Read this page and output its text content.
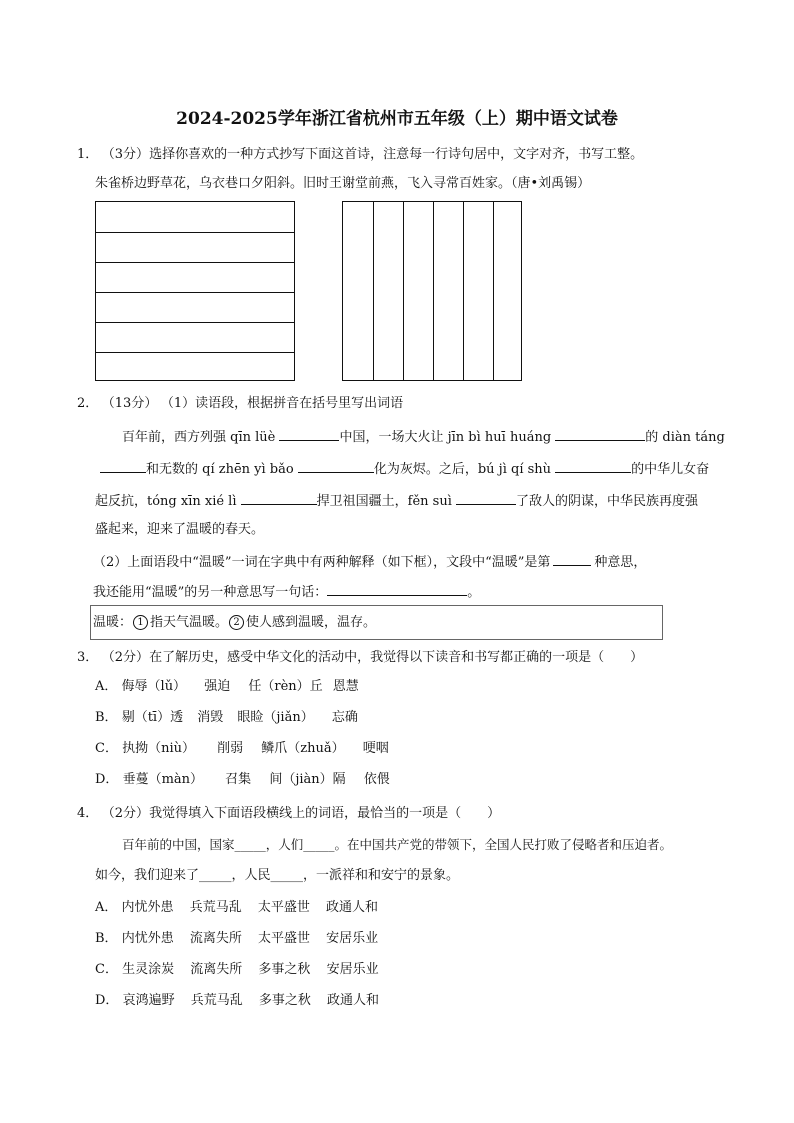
2024-2025学年浙江省杭州市五年级（上）期中语文试卷
1． （3分）选择你喜欢的一种方式抄写下面这首诗，注意每一行诗句居中，文字对齐，书写工整。
朱雀桥边野草花，乌衣巷口夕阳斜。旧时王谢堂前燕，飞入寻常百姓家。（唐•刘禹锡）
2． （13分） （1）读语段，根据拼音在括号里写出词语
百年前，西方列强 qīn lüè	中国，一场大火让 jīn bì huī huáng	的 diàn táng
和无数的 qí zhēn yì bǎo	化为灰烬。之后，bú jì qí shù	的中华儿女奋
起反抗，tóng xīn xié lì	捍卫祖国疆土，fěn suì	了敌人的阴谋，中华民族再度强
盛起来，迎来了温暖的春天。
（2）上面语段中“温暖”一词在字典中有两种解释（如下框），文段中“温暖”是第	种意思，
我还能用“温暖”的另一种意思写一句话：	。
温暖： 1 指天气温暖。 2 使人感到温暖，温存。
3． （2分）在了解历史，感受中华文化的活动中，我觉得以下读音和书写都正确的一项是（　　）
A． 侮辱（lǔ） 强迫 任（rèn）丘 恩慧
B． 剔（tī）透 消毁 眼睑（jiǎn） 忘确
C． 执拗（niù） 削弱 鳞爪（zhuǎ） 哽咽
D． 垂蔓（màn） 召集 间（jiàn）隔 依偎
4． （2分）我觉得填入下面语段横线上的词语，最恰当的一项是（　　）
百年前的中国，国家_____，人们_____。在中国共产党的带领下，全国人民打败了侵略者和压迫者。
如今，我们迎来了_____，人民_____，一派祥和和安宁的景象。
A． 内忧外患 兵荒马乱 太平盛世 政通人和
B． 内忧外患 流离失所 太平盛世 安居乐业
C． 生灵涂炭 流离失所 多事之秋 安居乐业
D． 哀鸿遍野 兵荒马乱 多事之秋 政通人和
